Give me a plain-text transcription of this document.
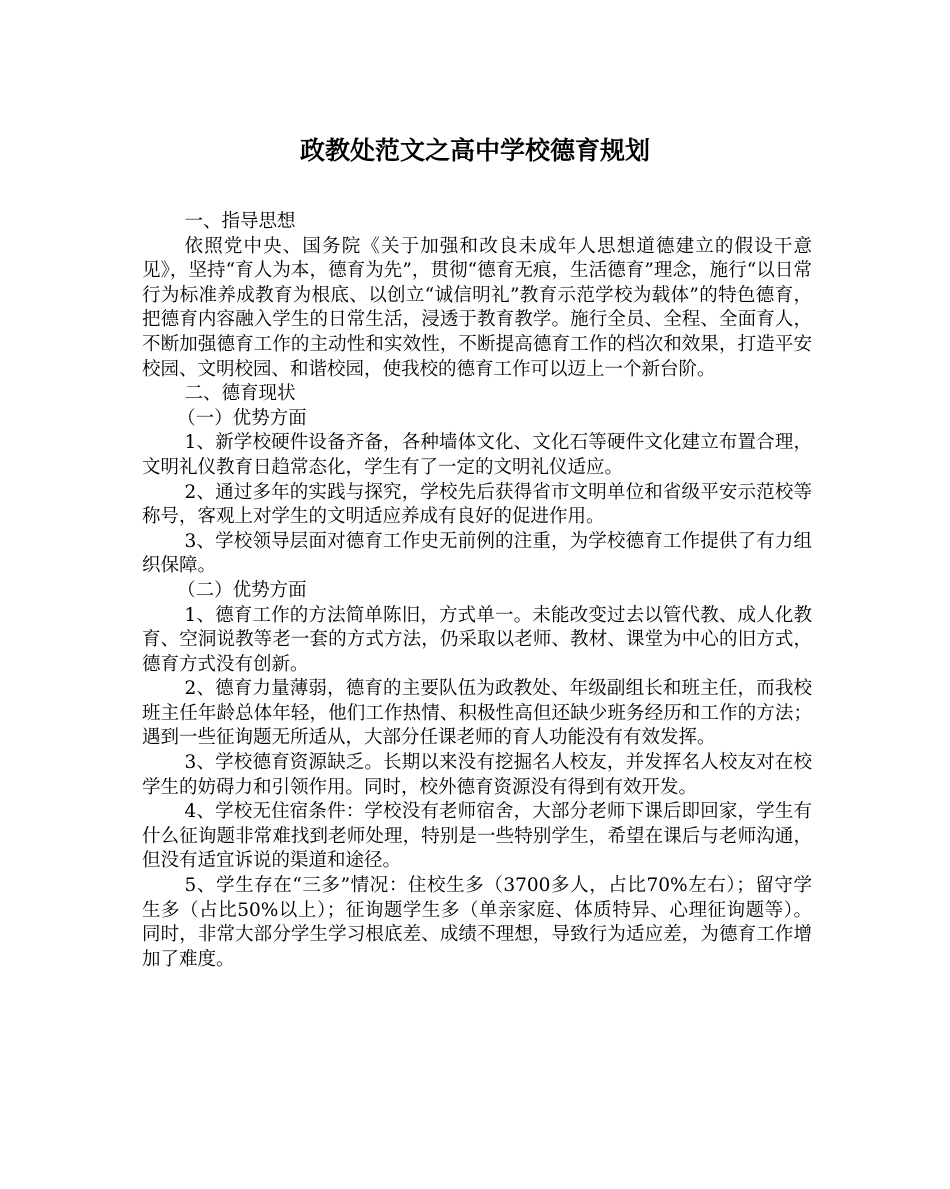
政教处范文之高中学校德育规划

一、指导思想

依照党中央、国务院《关于加强和改良未成年人思想道德建立的假设干意见》，坚持“育人为本，德育为先”，贯彻“德育无痕，生活德育”理念，施行“以日常行为标准养成教育为根底、以创立“诚信明礼”教育示范学校为载体”的特色德育，把德育内容融入学生的日常生活，浸透于教育教学。施行全员、全程、全面育人，不断加强德育工作的主动性和实效性，不断提高德育工作的档次和效果，打造平安校园、文明校园、和谐校园，使我校的德育工作可以迈上一个新台阶。

二、德育现状

（一）优势方面

1、新学校硬件设备齐备，各种墙体文化、文化石等硬件文化建立布置合理，文明礼仪教育日趋常态化，学生有了一定的文明礼仪适应。

2、通过多年的实践与探究，学校先后获得省市文明单位和省级平安示范校等称号，客观上对学生的文明适应养成有良好的促进作用。

3、学校领导层面对德育工作史无前例的注重，为学校德育工作提供了有力组织保障。

（二）优势方面

1、德育工作的方法简单陈旧，方式单一。未能改变过去以管代教、成人化教育、空洞说教等老一套的方式方法，仍采取以老师、教材、课堂为中心的旧方式，德育方式没有创新。

2、德育力量薄弱，德育的主要队伍为政教处、年级副组长和班主任，而我校班主任年龄总体年轻，他们工作热情、积极性高但还缺少班务经历和工作的方法；遇到一些征询题无所适从，大部分任课老师的育人功能没有有效发挥。

3、学校德育资源缺乏。长期以来没有挖掘名人校友，并发挥名人校友对在校学生的妨碍力和引领作用。同时，校外德育资源没有得到有效开发。

4、学校无住宿条件：学校没有老师宿舍，大部分老师下课后即回家，学生有什么征询题非常难找到老师处理，特别是一些特别学生，希望在课后与老师沟通，但没有适宜诉说的渠道和途径。

5、学生存在“三多”情况：住校生多（3700多人，占比70%左右）；留守学生多（占比50%以上）；征询题学生多（单亲家庭、体质特异、心理征询题等）。同时，非常大部分学生学习根底差、成绩不理想，导致行为适应差，为德育工作增加了难度。
